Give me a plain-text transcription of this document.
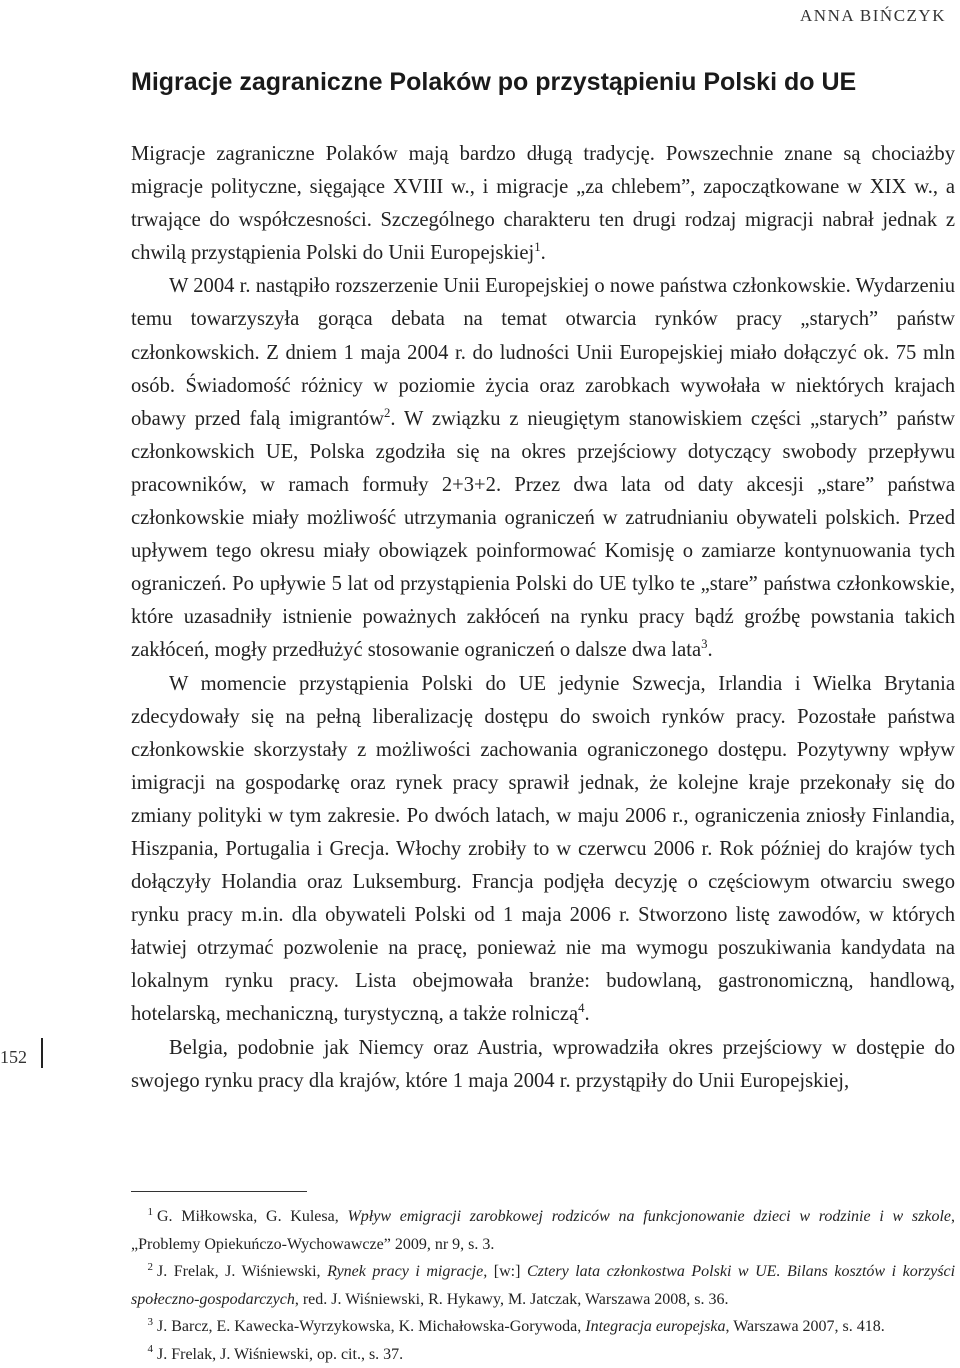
ANNA BIŃCZYK
Migracje zagraniczne Polaków po przystąpieniu Polski do UE

Migracje zagraniczne Polaków mają bardzo długą tradycję. Powszechnie znane są chociażby migracje polityczne, sięgające XVIII w., i migracje „za chlebem”, zapoczątkowane w XIX w., a trwające do współczesności. Szczególnego charakteru ten drugi rodzaj migracji nabrał jednak z chwilą przystąpienia Polski do Unii Europejskiej$^1$.

W 2004 r. nastąpiło rozszerzenie Unii Europejskiej o nowe państwa członkowskie. Wydarzeniu temu towarzyszyła gorąca debata na temat otwarcia rynków pracy „starych” państw członkowskich. Z dniem 1 maja 2004 r. do ludności Unii Europejskiej miało dołączyć ok. 75 mln osób. Świadomość różnicy w poziomie życia oraz zarobkach wywołała w niektórych krajach obawy przed falą imigrantów$^2$. W związku z nieugiętym stanowiskiem części „starych” państw członkowskich UE, Polska zgodziła się na okres przejściowy dotyczący swobody przepływu pracowników, w ramach formuły 2+3+2. Przez dwa lata od daty akcesji „stare” państwa członkowskie miały możliwość utrzymania ograniczeń w zatrudnianiu obywateli polskich. Przed upływem tego okresu miały obowiązek poinformować Komisję o zamiarze kontynuowania tych ograniczeń. Po upływie 5 lat od przystąpienia Polski do UE tylko te „stare” państwa członkowskie, które uzasadniły istnienie poważnych zakłóceń na rynku pracy bądź groźbę powstania takich zakłóceń, mogły przedłużyć stosowanie ograniczeń o dalsze dwa lata$^3$.

W momencie przystąpienia Polski do UE jedynie Szwecja, Irlandia i Wielka Brytania zdecydowały się na pełną liberalizację dostępu do swoich rynków pracy. Pozostałe państwa członkowskie skorzystały z możliwości zachowania ograniczonego dostępu. Pozytywny wpływ imigracji na gospodarkę oraz rynek pracy sprawił jednak, że kolejne kraje przekonały się do zmiany polityki w tym zakresie. Po dwóch latach, w maju 2006 r., ograniczenia zniosły Finlandia, Hiszpania, Portugalia i Grecja. Włochy zrobiły to w czerwcu 2006 r. Rok później do krajów tych dołączyły Holandia oraz Luksemburg. Francja podjęła decyzję o częściowym otwarciu swego rynku pracy m.in. dla obywateli Polski od 1 maja 2006 r. Stworzono listę zawodów, w których łatwiej otrzymać pozwolenie na pracę, ponieważ nie ma wymogu poszukiwania kandydata na lokalnym rynku pracy. Lista obejmowała branże: budowlaną, gastronomiczną, handlową, hotelarską, mechaniczną, turystyczną, a także rolniczą$^4$.

Belgia, podobnie jak Niemcy oraz Austria, wprowadziła okres przejściowy w dostępie do swojego rynku pracy dla krajów, które 1 maja 2004 r. przystąpiły do Unii Europejskiej,

152

1 G. Miłkowska, G. Kulesa, Wpływ emigracji zarobkowej rodziców na funkcjonowanie dzieci w rodzinie i w szkole, „Problemy Opiekuńczo-Wychowawcze” 2009, nr 9, s. 3.

2 J. Frelak, J. Wiśniewski, Rynek pracy i migracje, [w:] Cztery lata członkostwa Polski w UE. Bilans kosztów i korzyści społeczno-gospodarczych, red. J. Wiśniewski, R. Hykawy, M. Jatczak, Warszawa 2008, s. 36.

3 J. Barcz, E. Kawecka-Wyrzykowska, K. Michałowska-Gorywoda, Integracja europejska, Warszawa 2007, s. 418.

4 J. Frelak, J. Wiśniewski, op. cit., s. 37.
